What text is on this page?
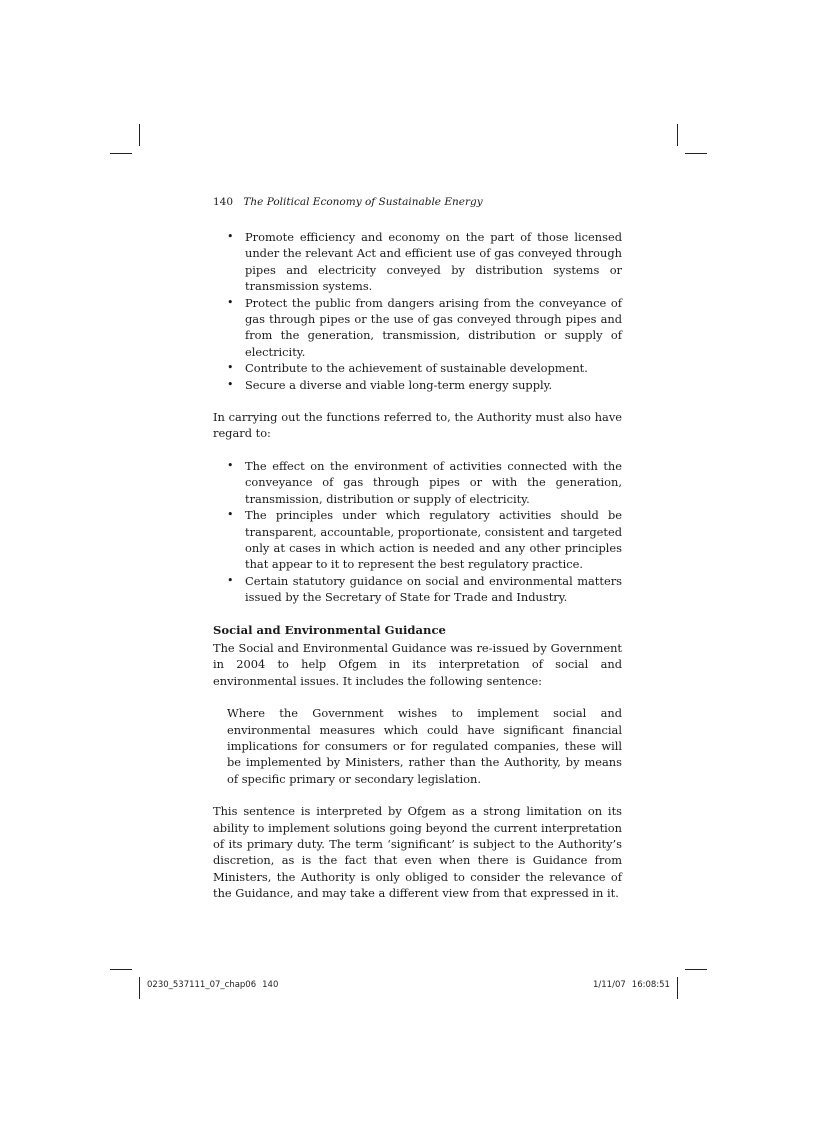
140 The Political Economy of Sustainable Energy
• Promote efficiency and economy on the part of those licensed under the relevant Act and efficient use of gas conveyed through pipes and electricity conveyed by distribution systems or transmission systems.
• Protect the public from dangers arising from the conveyance of gas through pipes or the use of gas conveyed through pipes and from the generation, transmission, distribution or supply of electricity.
• Contribute to the achievement of sustainable development.
• Secure a diverse and viable long-term energy supply.

In carrying out the functions referred to, the Authority must also have regard to:

• The effect on the environment of activities connected with the conveyance of gas through pipes or with the generation, transmission, distribution or supply of electricity.
• The principles under which regulatory activities should be transparent, accountable, proportionate, consistent and targeted only at cases in which action is needed and any other principles that appear to it to represent the best regulatory practice.
• Certain statutory guidance on social and environmental matters issued by the Secretary of State for Trade and Industry.
Social and Environmental Guidance

The Social and Environmental Guidance was re-issued by Government in 2004 to help Ofgem in its interpretation of social and environmental issues. It includes the following sentence:

Where the Government wishes to implement social and environmental measures which could have significant financial implications for consumers or for regulated companies, these will be implemented by Ministers, rather than the Authority, by means of specific primary or secondary legislation.

This sentence is interpreted by Ofgem as a strong limitation on its ability to implement solutions going beyond the current interpretation of its primary duty. The term ‘significant’ is subject to the Authority’s discretion, as is the fact that even when there is Guidance from Ministers, the Authority is only obliged to consider the relevance of the Guidance, and may take a different view from that expressed in it.

0230_537111_07_chap06 140	1/11/07 16:08:51
